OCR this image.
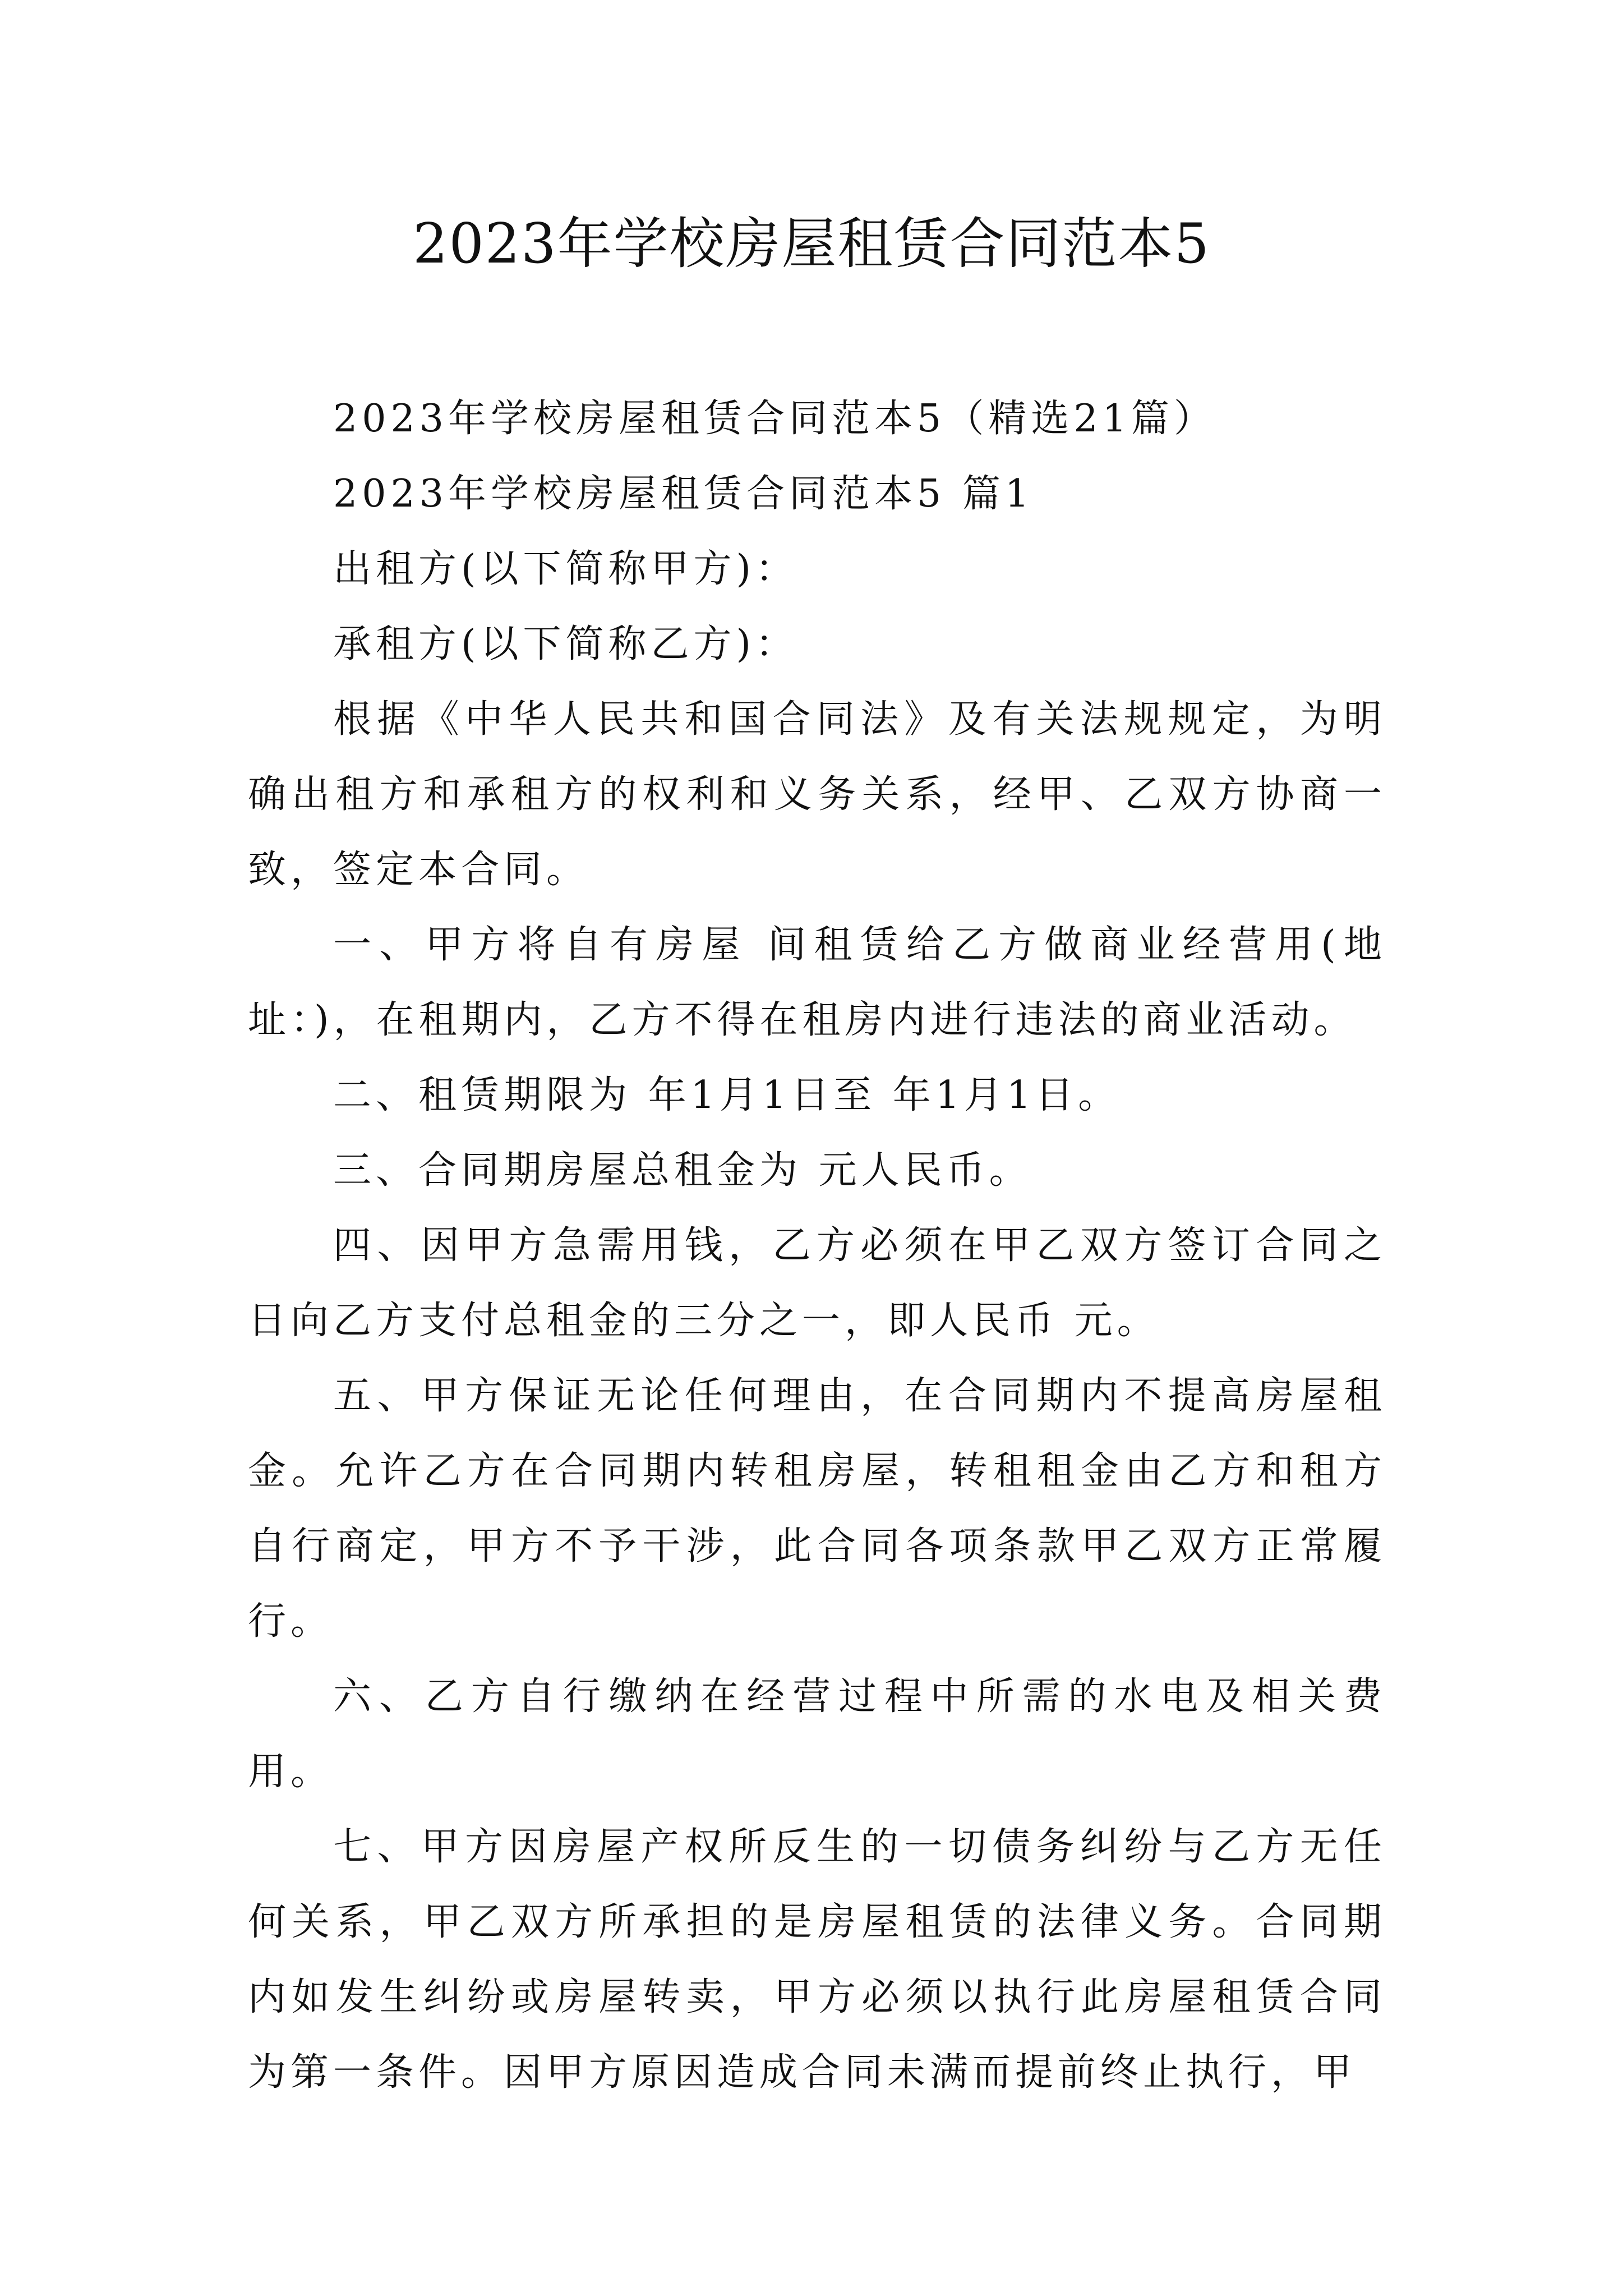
2023年学校房屋租赁合同范本5

2023年学校房屋租赁合同范本5（精选21篇）

2023年学校房屋租赁合同范本5 篇1

出租方(以下简称甲方)：

承租方(以下简称乙方)：

根据《中华人民共和国合同法》及有关法规规定，为明确出租方和承租方的权利和义务关系，经甲、乙双方协商一致，签定本合同。

一、甲方将自有房屋 间租赁给乙方做商业经营用(地址：)，在租期内，乙方不得在租房内进行违法的商业活动。

二、租赁期限为 年1月1日至 年1月1日。

三、合同期房屋总租金为 元人民币。

四、因甲方急需用钱，乙方必须在甲乙双方签订合同之日向乙方支付总租金的三分之一，即人民币 元。

五、甲方保证无论任何理由，在合同期内不提高房屋租金。允许乙方在合同期内转租房屋，转租租金由乙方和租方自行商定，甲方不予干涉，此合同各项条款甲乙双方正常履行。

六、乙方自行缴纳在经营过程中所需的水电及相关费用。

七、甲方因房屋产权所反生的一切债务纠纷与乙方无任何关系，甲乙双方所承担的是房屋租赁的法律义务。合同期内如发生纠纷或房屋转卖，甲方必须以执行此房屋租赁合同为第一条件。因甲方原因造成合同未满而提前终止执行，甲
